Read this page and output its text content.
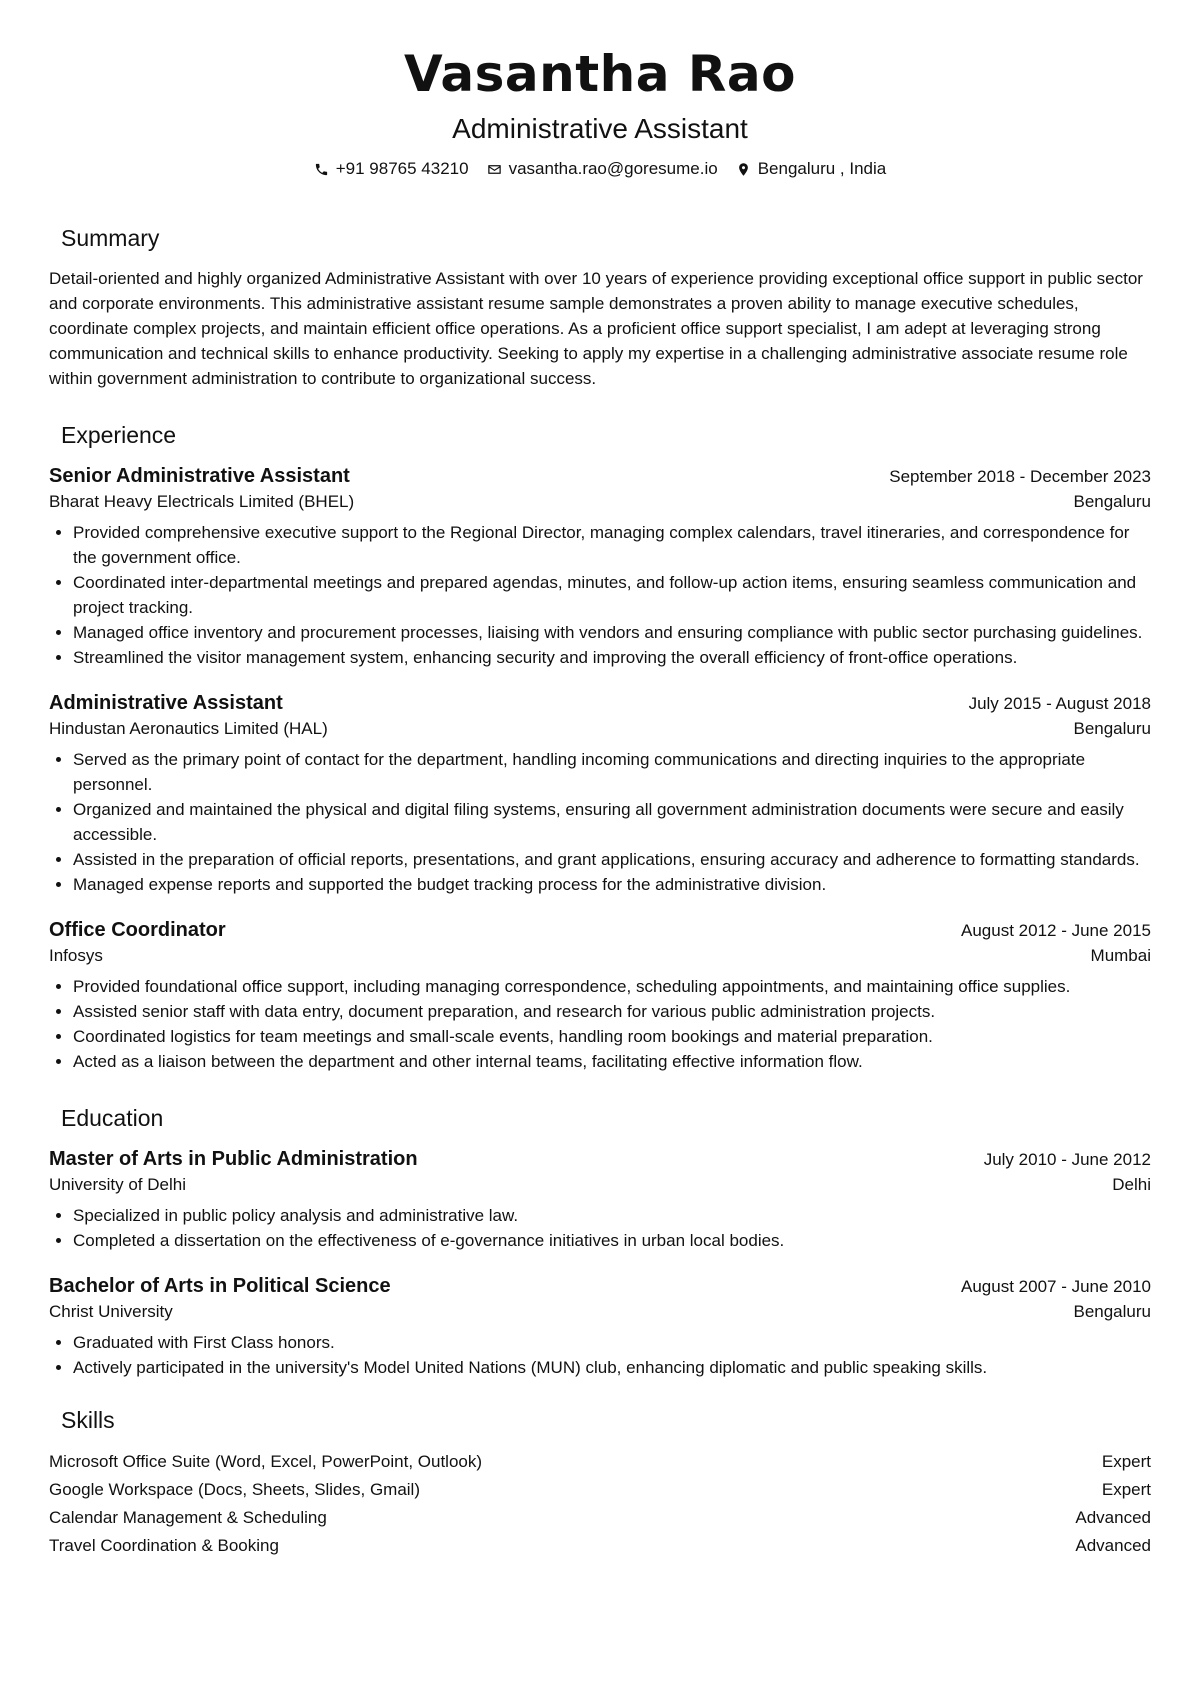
Vasantha Rao
Administrative Assistant
+91 98765 43210 vasantha.rao@goresume.io Bengaluru , India
Summary

Detail-oriented and highly organized Administrative Assistant with over 10 years of experience providing exceptional office support in public sector and corporate environments. This administrative assistant resume sample demonstrates a proven ability to manage executive schedules, coordinate complex projects, and maintain efficient office operations. As a proficient office support specialist, I am adept at leveraging strong communication and technical skills to enhance productivity. Seeking to apply my expertise in a challenging administrative associate resume role within government administration to contribute to organizational success.

Experience
Senior Administrative Assistant	September 2018 - December 2023
Bharat Heavy Electricals Limited (BHEL)	Bengaluru
• Provided comprehensive executive support to the Regional Director, managing complex calendars, travel itineraries, and correspondence for the government office.
• Coordinated inter-departmental meetings and prepared agendas, minutes, and follow-up action items, ensuring seamless communication and project tracking.
• Managed office inventory and procurement processes, liaising with vendors and ensuring compliance with public sector purchasing guidelines.
• Streamlined the visitor management system, enhancing security and improving the overall efficiency of front-office operations.
Administrative Assistant	July 2015 - August 2018
Hindustan Aeronautics Limited (HAL)	Bengaluru
• Served as the primary point of contact for the department, handling incoming communications and directing inquiries to the appropriate personnel.
• Organized and maintained the physical and digital filing systems, ensuring all government administration documents were secure and easily accessible.
• Assisted in the preparation of official reports, presentations, and grant applications, ensuring accuracy and adherence to formatting standards.
• Managed expense reports and supported the budget tracking process for the administrative division.
Office Coordinator	August 2012 - June 2015
Infosys	Mumbai
• Provided foundational office support, including managing correspondence, scheduling appointments, and maintaining office supplies.
• Assisted senior staff with data entry, document preparation, and research for various public administration projects.
• Coordinated logistics for team meetings and small-scale events, handling room bookings and material preparation.
• Acted as a liaison between the department and other internal teams, facilitating effective information flow.
Education
Master of Arts in Public Administration	July 2010 - June 2012
University of Delhi	Delhi
• Specialized in public policy analysis and administrative law.
• Completed a dissertation on the effectiveness of e-governance initiatives in urban local bodies.
Bachelor of Arts in Political Science	August 2007 - June 2010
Christ University	Bengaluru
• Graduated with First Class honors.
• Actively participated in the university's Model United Nations (MUN) club, enhancing diplomatic and public speaking skills.
Skills
Microsoft Office Suite (Word, Excel, PowerPoint, Outlook)	Expert
Google Workspace (Docs, Sheets, Slides, Gmail)	Expert
Calendar Management & Scheduling	Advanced
Travel Coordination & Booking	Advanced
